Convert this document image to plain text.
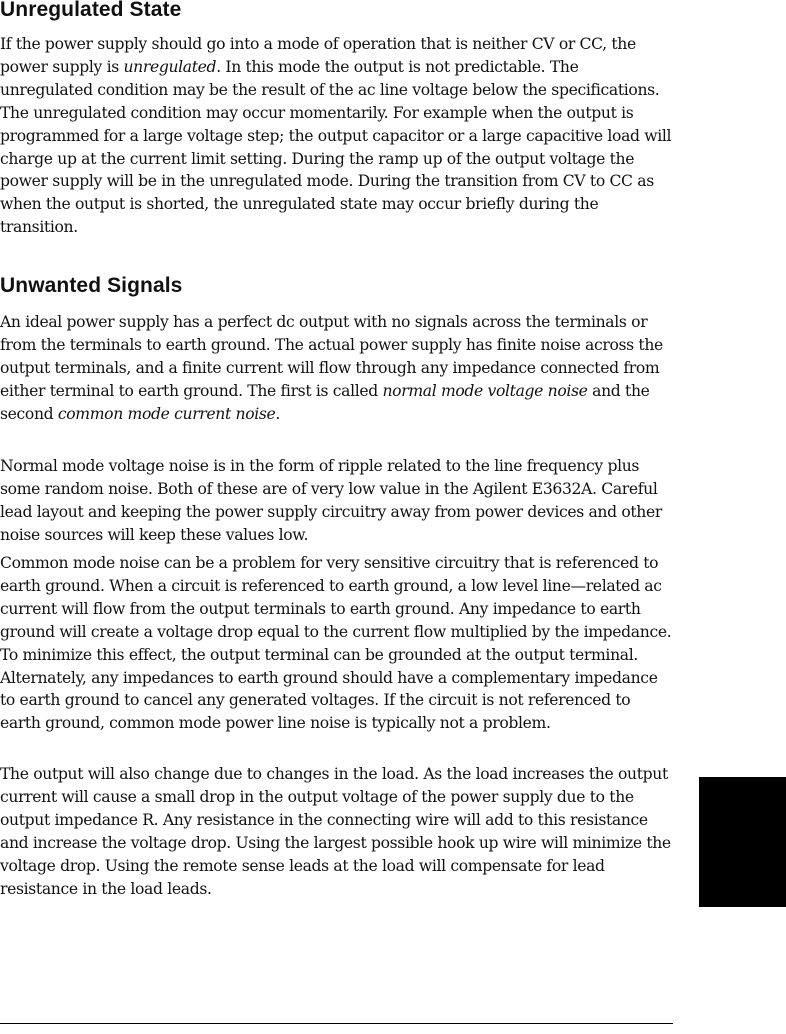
Unregulated State

If the power supply should go into a mode of operation that is neither CV or CC, the power supply is unregulated. In this mode the output is not predictable. The unregulated condition may be the result of the ac line voltage below the specifications. The unregulated condition may occur momentarily. For example when the output is programmed for a large voltage step; the output capacitor or a large capacitive load will charge up at the current limit setting. During the ramp up of the output voltage the power supply will be in the unregulated mode. During the transition from CV to CC as when the output is shorted, the unregulated state may occur briefly during the transition.

Unwanted Signals

An ideal power supply has a perfect dc output with no signals across the terminals or from the terminals to earth ground. The actual power supply has finite noise across the output terminals, and a finite current will flow through any impedance connected from either terminal to earth ground. The first is called normal mode voltage noise and the second common mode current noise.

Normal mode voltage noise is in the form of ripple related to the line frequency plus some random noise. Both of these are of very low value in the Agilent E3632A. Careful lead layout and keeping the power supply circuitry away from power devices and other noise sources will keep these values low.

Common mode noise can be a problem for very sensitive circuitry that is referenced to earth ground. When a circuit is referenced to earth ground, a low level line—related ac current will flow from the output terminals to earth ground. Any impedance to earth ground will create a voltage drop equal to the current flow multiplied by the impedance. To minimize this effect, the output terminal can be grounded at the output terminal. Alternately, any impedances to earth ground should have a complementary impedance to earth ground to cancel any generated voltages. If the circuit is not referenced to earth ground, common mode power line noise is typically not a problem.

The output will also change due to changes in the load. As the load increases the output current will cause a small drop in the output voltage of the power supply due to the output impedance R. Any resistance in the connecting wire will add to this resistance and increase the voltage drop. Using the largest possible hook up wire will minimize the voltage drop. Using the remote sense leads at the load will compensate for lead resistance in the load leads.
